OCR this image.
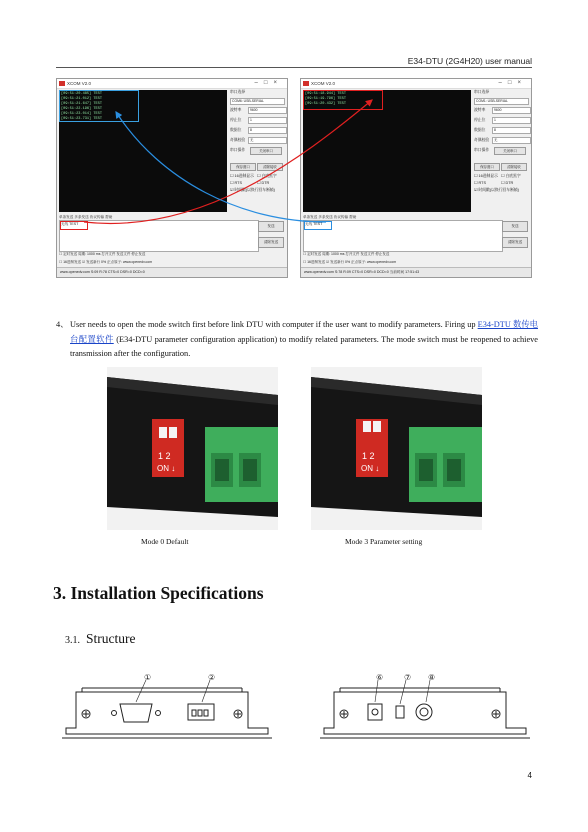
E34-DTU (2G4H20) user manual
XCOM V2.0	–□×
[09:51:20.485] TEST
[09:51:21.012] TEST
[09:51:21.647] TEST
[09:51:22.196] TEST
[09:51:23.014] TEST
[09:51:23.731] TEST
串口选择
COM6: USB-SERIAL
波特率	9600
停止位	1
数据位	8
奇偶校验	无
串口操作	关闭串口
保存窗口	清除接收
☐ 16进制显示 ☐ 白底黑字
☐ RTS	☐ DTR
☑ 时间戳(以换行回车断帧)
单条发送 多条发送 协议传输 帮助
无线 TEST	发送
清除发送
☐ 定时发送 周期: 1000 ms 打开文件 发送文件 停止发送
☐ 16进制发送 ☑ 发送新行 0% 正点原子: www.openedv.com
www.openedv.com S:09 R:78 CTS=0 DSR=0 DCD=0
XCOM V2.0	–□×
[09:51:18.944] TEST
[09:51:19.796] TEST
[09:51:20.432] TEST
串口选择
COM1: USB-SERIAL
波特率	9600
停止位	1
数据位	8
奇偶校验	无
串口操作	关闭串口
保存窗口	清除接收
☐ 16进制显示 ☐ 白底黑字
☐ RTS	☐ DTR
☑ 时间戳(以换行回车断帧)
单条发送 多条发送 协议传输 帮助
无线 TEST	发送
清除发送
☐ 定时发送 周期: 1000 ms 打开文件 发送文件 停止发送
☐ 16进制发送 ☑ 发送新行 0% 正点原子: www.openedv.com
www.openedv.com S:78 R:09 CTS=0 DSR=0 DCD=0 当前时间 17:51:43
4、 User needs to open the mode switch first before link DTU with computer if the user want to modify parameters. Firing up E34-DTU 数传电台配置软件 (E34-DTU parameter configuration application) to modify related parameters. The mode switch must be reopened to achieve transmission after the configuration.
1 2
ON ↓
Mode 0 Default
1 2
ON ↓
Mode 3 Parameter setting
3. Installation Specifications
3.1. Structure
①	②	⑥	⑦ ⑧
4
